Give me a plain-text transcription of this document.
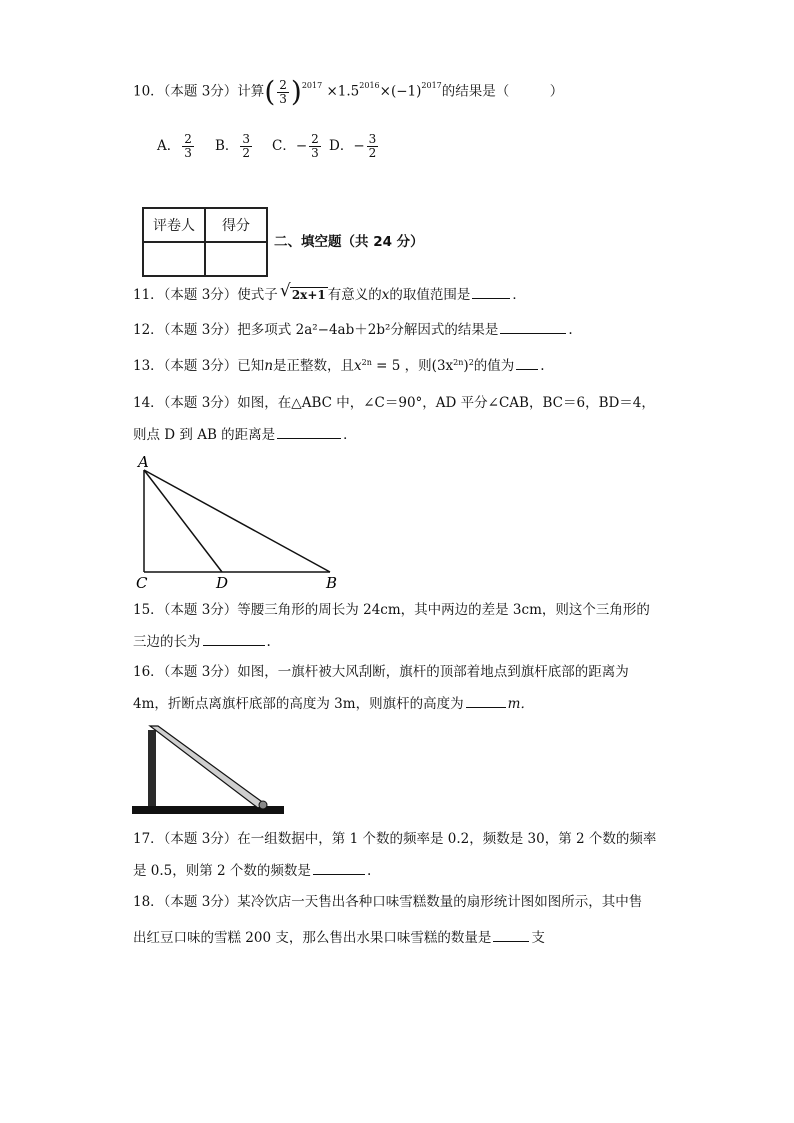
10．（本题 3分）计算( $\frac{2}{3} )^{2017} \times 1.5^{2016}\times(-1)^{2017}$的结果是（　　　）
A． $\frac{2}{3}$ B． $\frac{3}{2}$ C．− $\frac{2}{3}$ D．− $\frac{3}{2}$
评卷人	得分

二、填空题（共 24 分）
11．（本题 3分）使式子 √ 2x+1 有意义的x的取值范围是	．
12．（本题 3分）把多项式 2a²−4ab＋2b²分解因式的结果是	.
13．（本题 3分）已知n是正整数，且$x^{2n} = 5$ ，则$(3x^{2n})^2$的值为 .
14．（本题 3分）如图，在△ABC 中，∠C＝90°，AD 平分∠CAB，BC＝6，BD＝4，
则点 D 到 AB 的距离是	．
A
C	D	B
15．（本题 3分）等腰三角形的周长为 24cm，其中两边的差是 3cm，则这个三角形的
三边的长为	.
16．（本题 3分）如图，一旗杆被大风刮断，旗杆的顶部着地点到旗杆底部的距离为
4m，折断点离旗杆底部的高度为 3m，则旗杆的高度为	m．
17．（本题 3分）在一组数据中，第 1 个数的频率是 0.2，频数是 30，第 2 个数的频率
是 0.5，则第 2 个数的频数是	.
18．（本题 3分）某冷饮店一天售出各种口味雪糕数量的扇形统计图如图所示，其中售
出红豆口味的雪糕 200 支，那么售出水果口味雪糕的数量是	支
